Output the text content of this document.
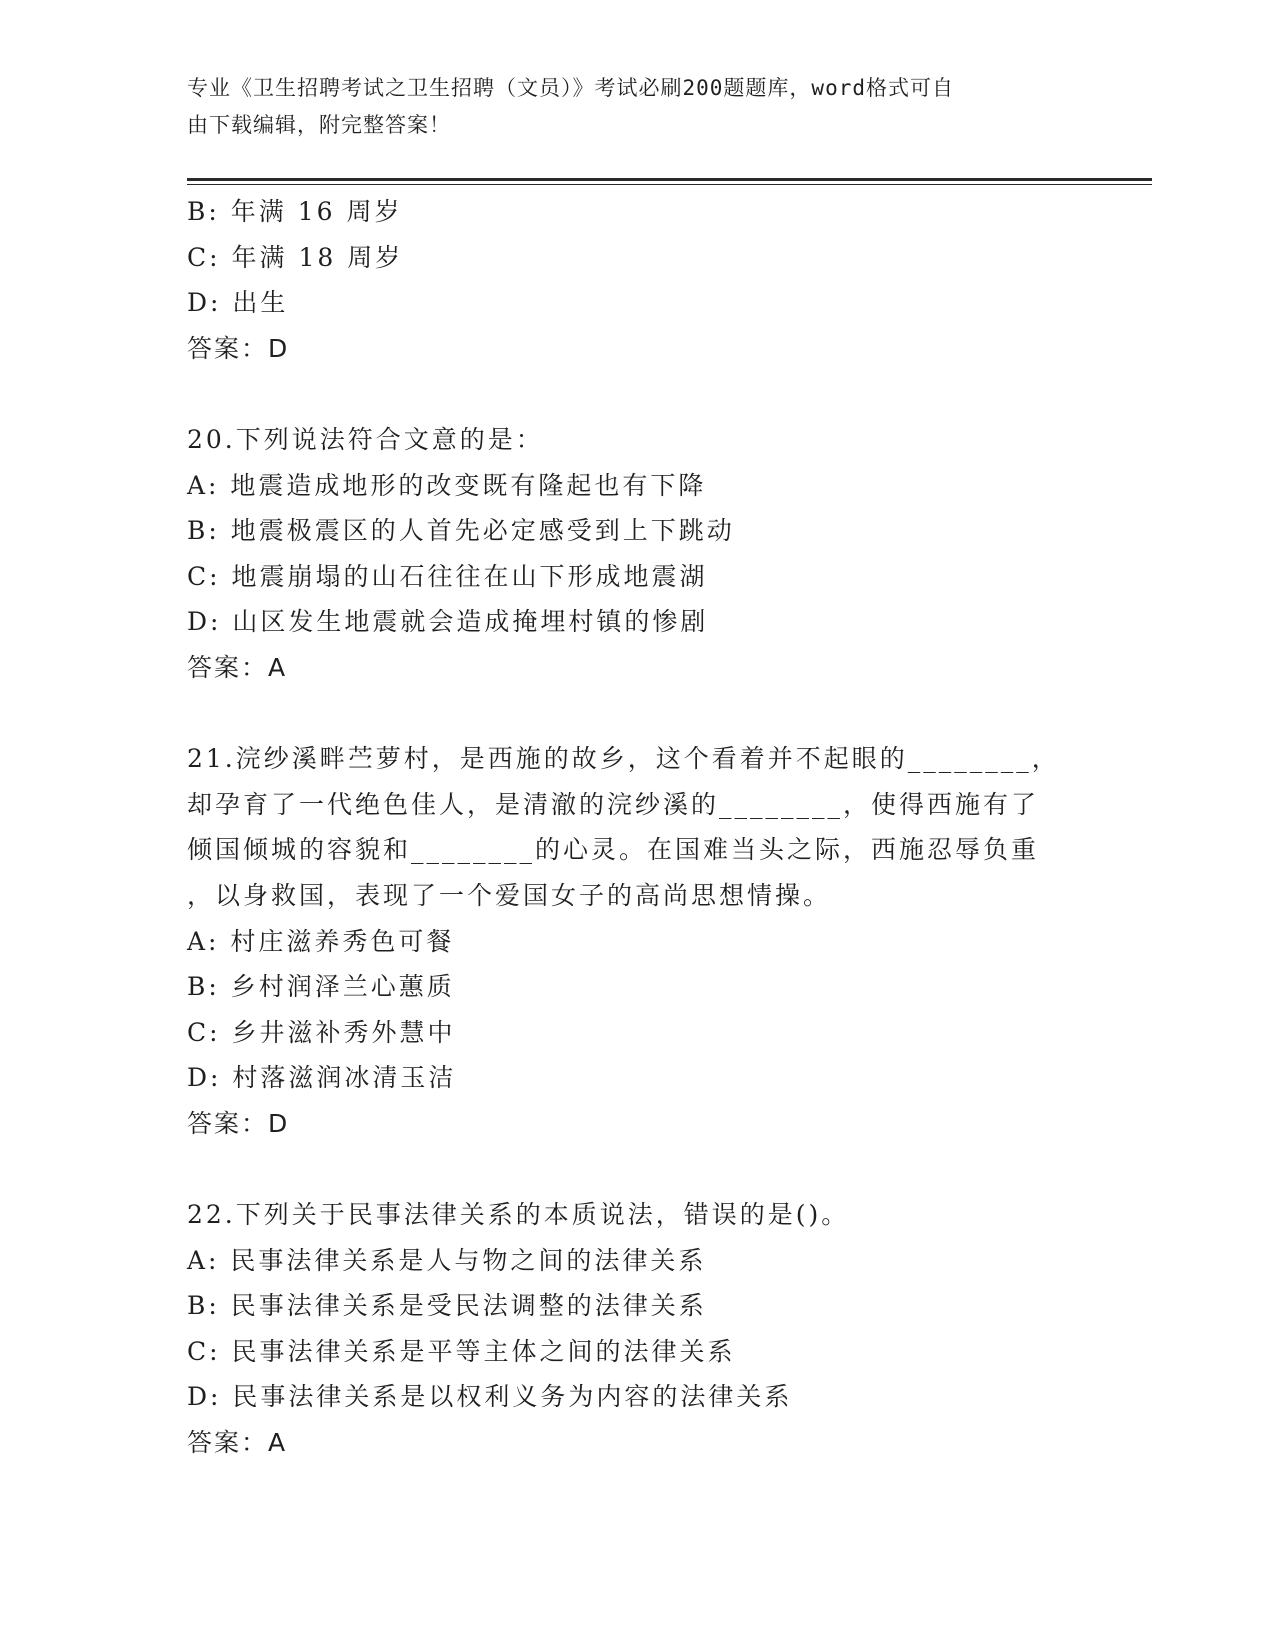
专业《卫生招聘考试之卫生招聘（文员）》考试必刷200题题库，word格式可自
由下载编辑，附完整答案！
B: 年满 16 周岁
C: 年满 18 周岁
D: 出生
答案：D
20.下列说法符合文意的是：
A: 地震造成地形的改变既有隆起也有下降
B: 地震极震区的人首先必定感受到上下跳动
C: 地震崩塌的山石往往在山下形成地震湖
D: 山区发生地震就会造成掩埋村镇的惨剧
答案：A
21.浣纱溪畔苎萝村，是西施的故乡，这个看着并不起眼的________，
却孕育了一代绝色佳人，是清澈的浣纱溪的________，使得西施有了
倾国倾城的容貌和________的心灵。在国难当头之际，西施忍辱负重
，以身救国，表现了一个爱国女子的高尚思想情操。
A: 村庄滋养秀色可餐
B: 乡村润泽兰心蕙质
C: 乡井滋补秀外慧中
D: 村落滋润冰清玉洁
答案：D
22.下列关于民事法律关系的本质说法，错误的是()。
A: 民事法律关系是人与物之间的法律关系
B: 民事法律关系是受民法调整的法律关系
C: 民事法律关系是平等主体之间的法律关系
D: 民事法律关系是以权利义务为内容的法律关系
答案：A
